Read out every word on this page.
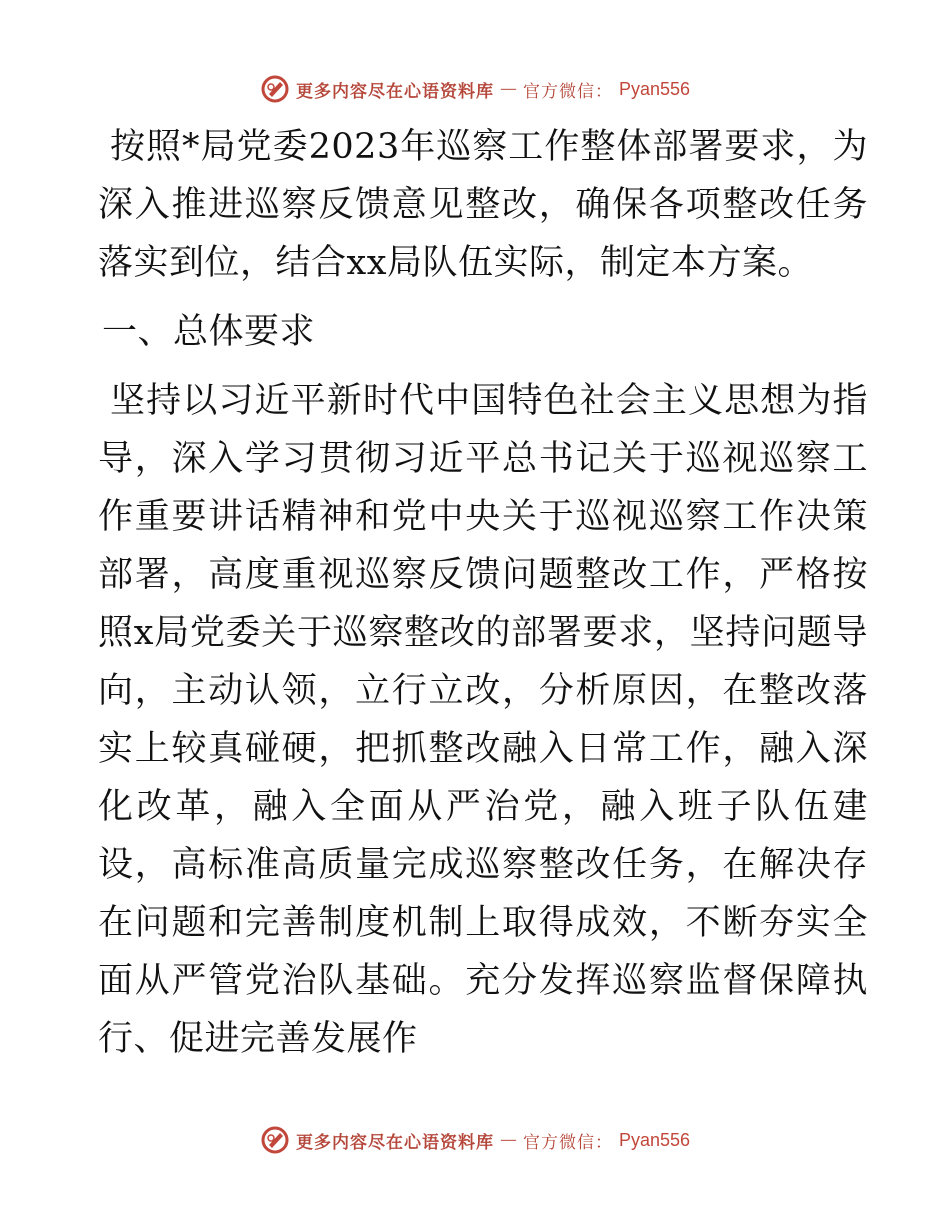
更多内容尽在心语资料库 — 官方微信： Pyan556

按照*局党委2023年巡察工作整体部署要求，为深入推进巡察反馈意见整改，确保各项整改任务落实到位，结合xx局队伍实际，制定本方案。

一、总体要求

坚持以习近平新时代中国特色社会主义思想为指导，深入学习贯彻习近平总书记关于巡视巡察工作重要讲话精神和党中央关于巡视巡察工作决策部署，高度重视巡察反馈问题整改工作，严格按照x局党委关于巡察整改的部署要求，坚持问题导向，主动认领，立行立改，分析原因，在整改落实上较真碰硬，把抓整改融入日常工作，融入深化改革，融入全面从严治党，融入班子队伍建设，高标准高质量完成巡察整改任务，在解决存在问题和完善制度机制上取得成效，不断夯实全面从严管党治队基础。充分发挥巡察监督保障执行、促进完善发展作

更多内容尽在心语资料库 — 官方微信： Pyan556
